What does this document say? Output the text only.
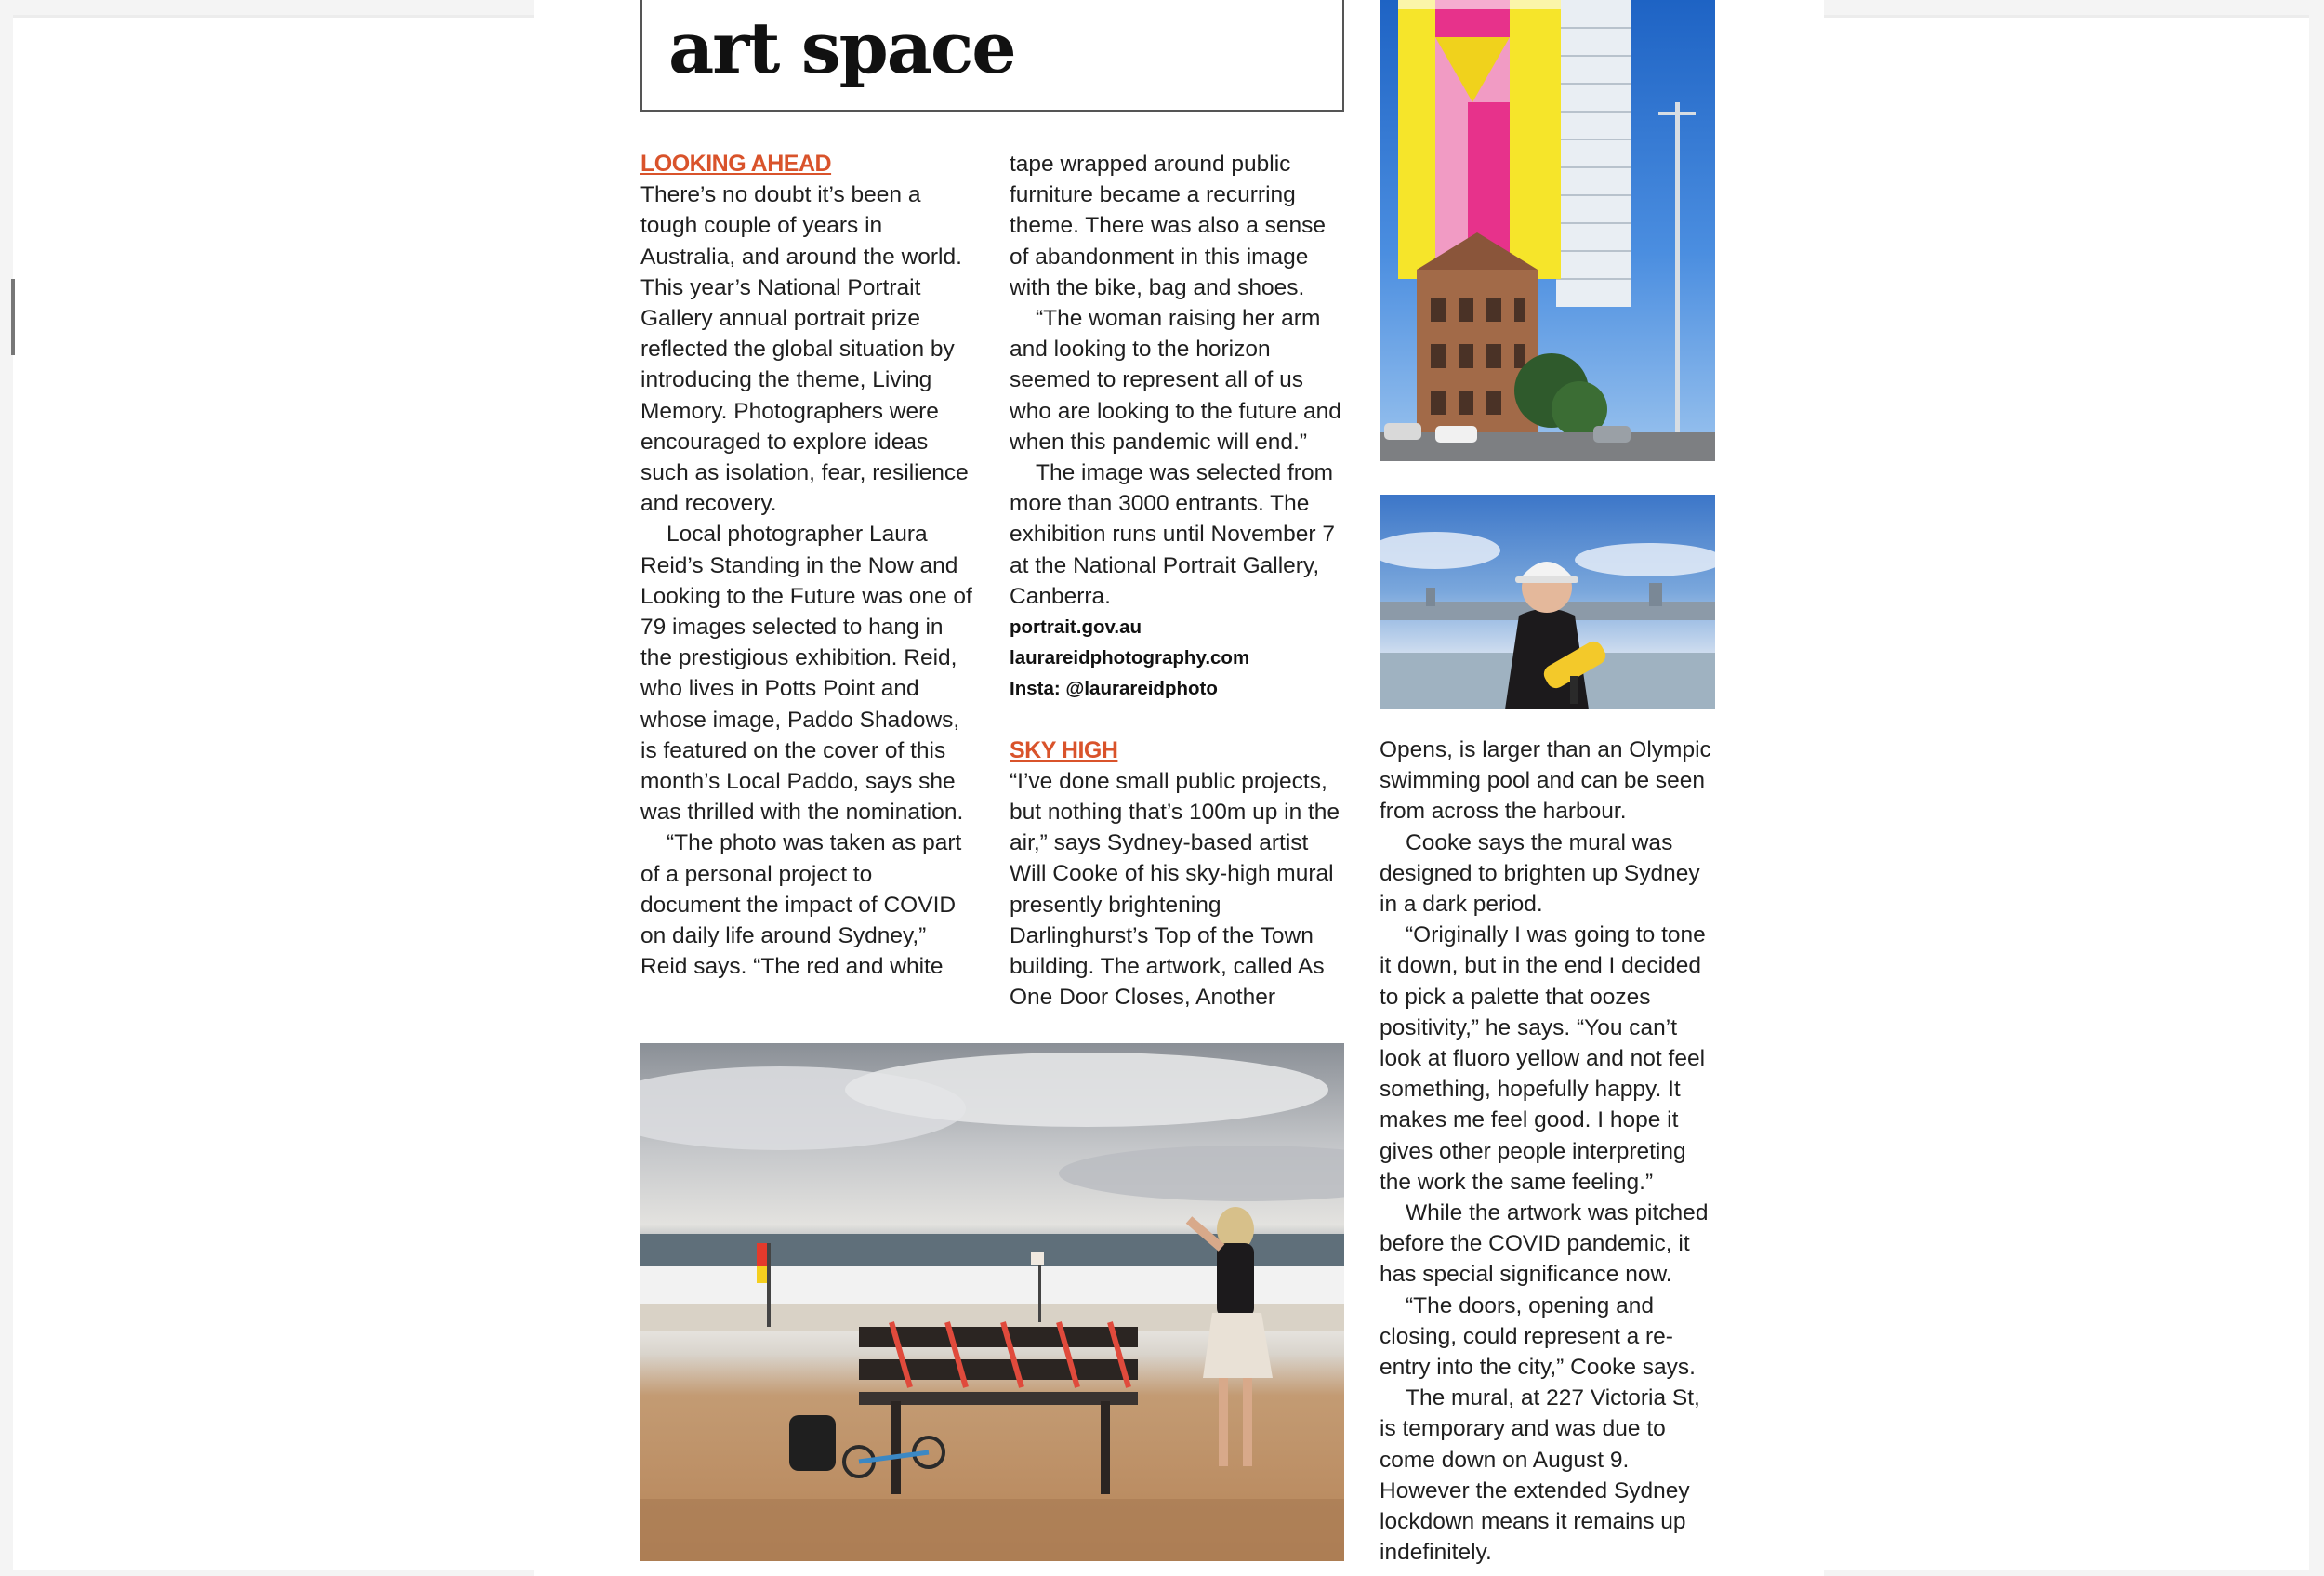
art space

LOOKING AHEAD

There’s no doubt it’s been a tough couple of years in Australia, and around the world. This year’s National Portrait Gallery annual portrait prize reflected the global situation by introducing the theme, Living Memory. Photographers were encouraged to explore ideas such as isolation, fear, resilience and recovery.

Local photographer Laura Reid’s Standing in the Now and Looking to the Future was one of 79 images selected to hang in the prestigious exhibition. Reid, who lives in Potts Point and whose image, Paddo Shadows, is featured on the cover of this month’s Local Paddo, says she was thrilled with the nomination.

“The photo was taken as part of a personal project to document the impact of COVID on daily life around Sydney,” Reid says. “The red and white

tape wrapped around public furniture became a recurring theme. There was also a sense of abandonment in this image with the bike, bag and shoes.

“The woman raising her arm and looking to the horizon seemed to represent all of us who are looking to the future and when this pandemic will end.”

The image was selected from more than 3000 entrants. The exhibition runs until November 7 at the National Portrait Gallery, Canberra.

portrait.gov.au

laurareidphotography.com

Insta: @laurareidphoto

SKY HIGH

“I’ve done small public projects, but nothing that’s 100m up in the air,” says Sydney-based artist Will Cooke of his sky-high mural presently brightening Darlinghurst’s Top of the Town building. The artwork, called As One Door Closes, Another

Opens, is larger than an Olympic swimming pool and can be seen from across the harbour.

Cooke says the mural was designed to brighten up Sydney in a dark period.

“Originally I was going to tone it down, but in the end I decided to pick a palette that oozes positivity,” he says. “You can’t look at fluoro yellow and not feel something, hopefully happy. It makes me feel good. I hope it gives other people interpreting the work the same feeling.”

While the artwork was pitched before the COVID pandemic, it has special significance now.

“The doors, opening and closing, could represent a re-entry into the city,” Cooke says.

The mural, at 227 Victoria St, is temporary and was due to come down on August 9. However the extended Sydney lockdown means it remains up indefinitely.
